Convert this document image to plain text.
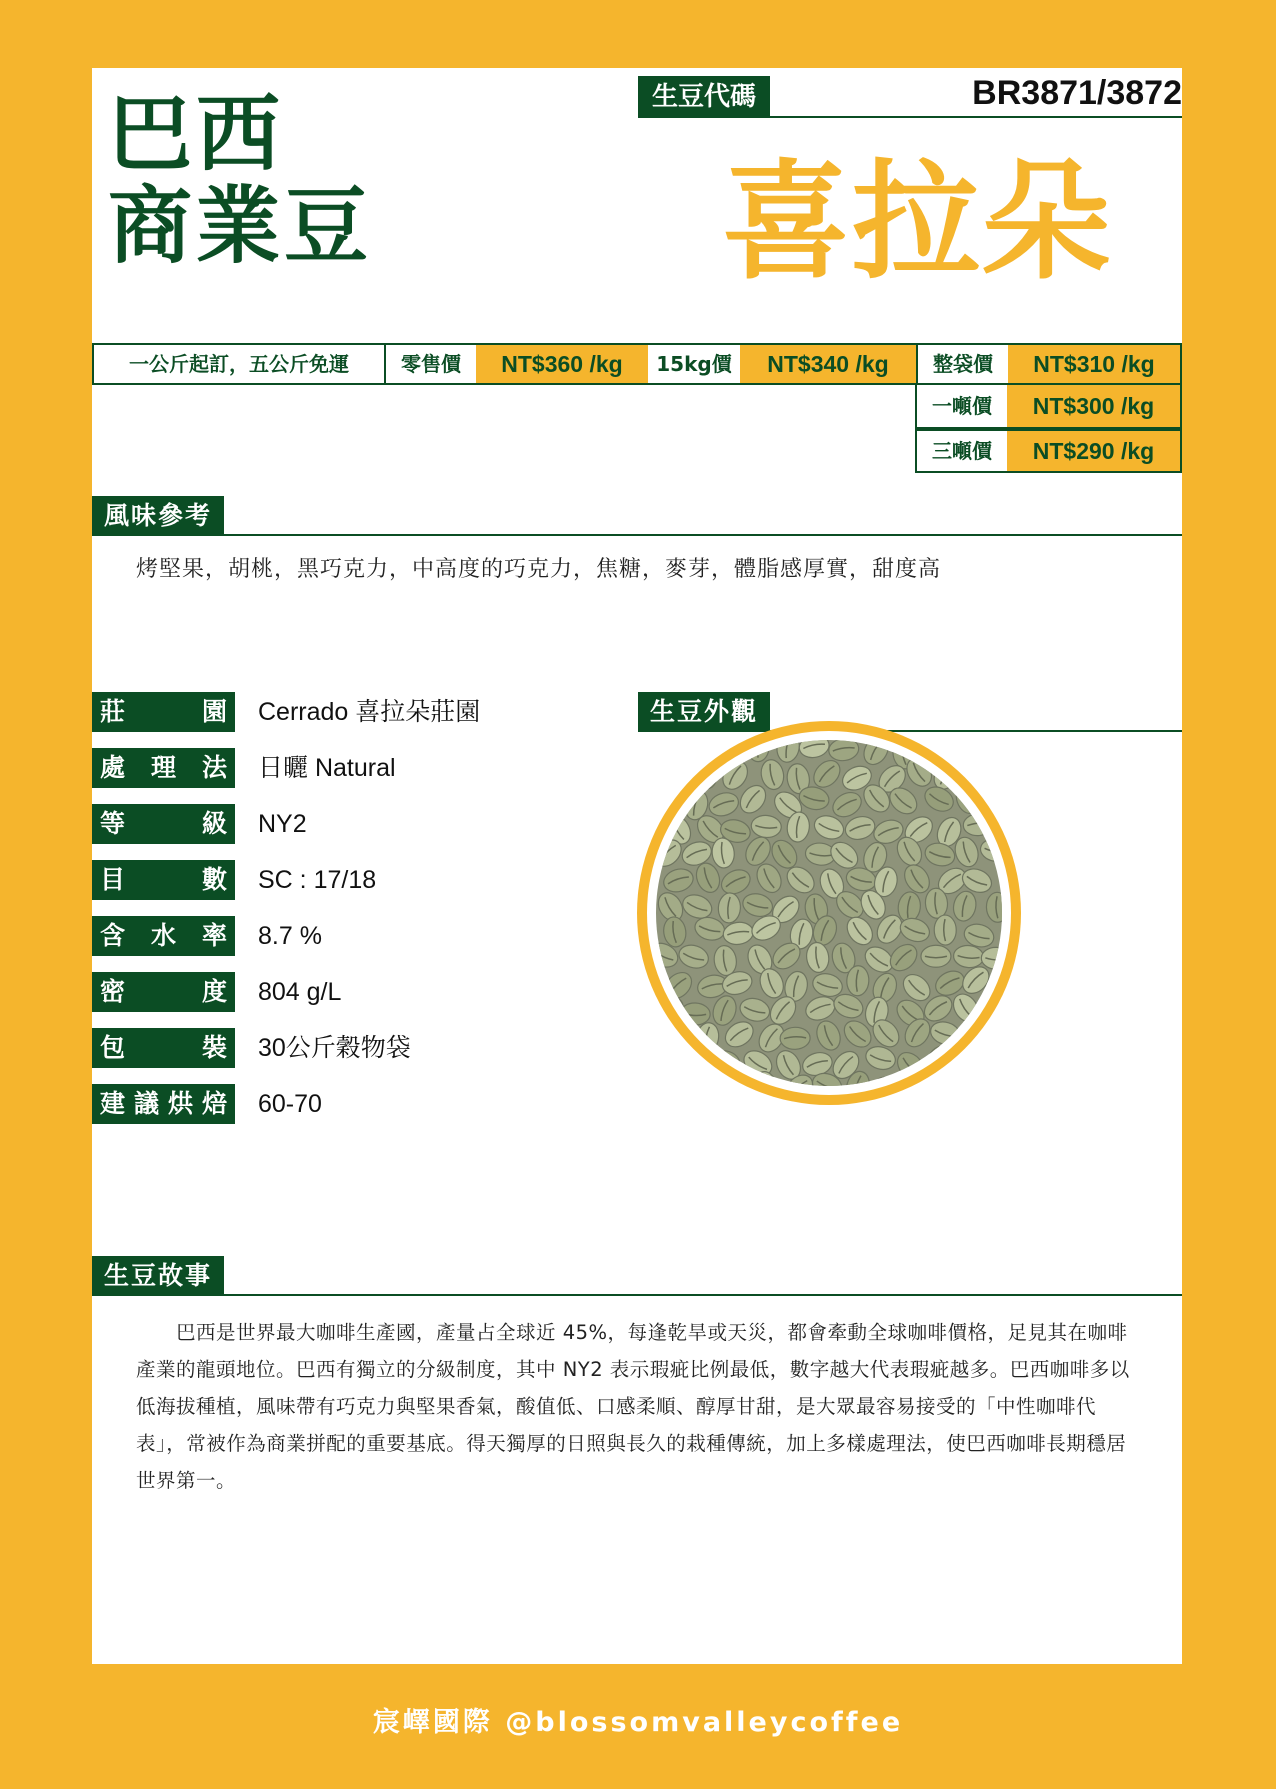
巴西
商業豆
生豆代碼	BR3871/3872
喜拉朵
一公斤起訂，五公斤免運	零售價	NT$360 /kg	15kg價	NT$340 /kg	整袋價	NT$310 /kg
一噸價	NT$300 /kg
三噸價	NT$290 /kg
風味參考
烤堅果，胡桃，黑巧克力，中高度的巧克力，焦糖，麥芽，體脂感厚實，甜度高
莊	園 Cerrado 喜拉朵莊園
處 理 法 日曬 Natural
等	級 NY2
目	數 SC : 17/18
含 水 率 8.7 %
密	度 804 g/L
包	裝 30公斤穀物袋
建 議 烘 焙 60-70
生豆外觀
生豆故事
巴西是世界最大咖啡生產國，產量占全球近 45%，每逢乾旱或天災，都會牽動全球咖啡價格，足見其在咖啡產業的龍頭地位。巴西有獨立的分級制度，其中 NY2 表示瑕疵比例最低，數字越大代表瑕疵越多。巴西咖啡多以低海拔種植，風味帶有巧克力與堅果香氣，酸值低、口感柔順、醇厚甘甜，是大眾最容易接受的「中性咖啡代表」，常被作為商業拼配的重要基底。得天獨厚的日照與長久的栽種傳統，加上多樣處理法，使巴西咖啡長期穩居世界第一。
宸嶧國際 @blossomvalleycoffee
